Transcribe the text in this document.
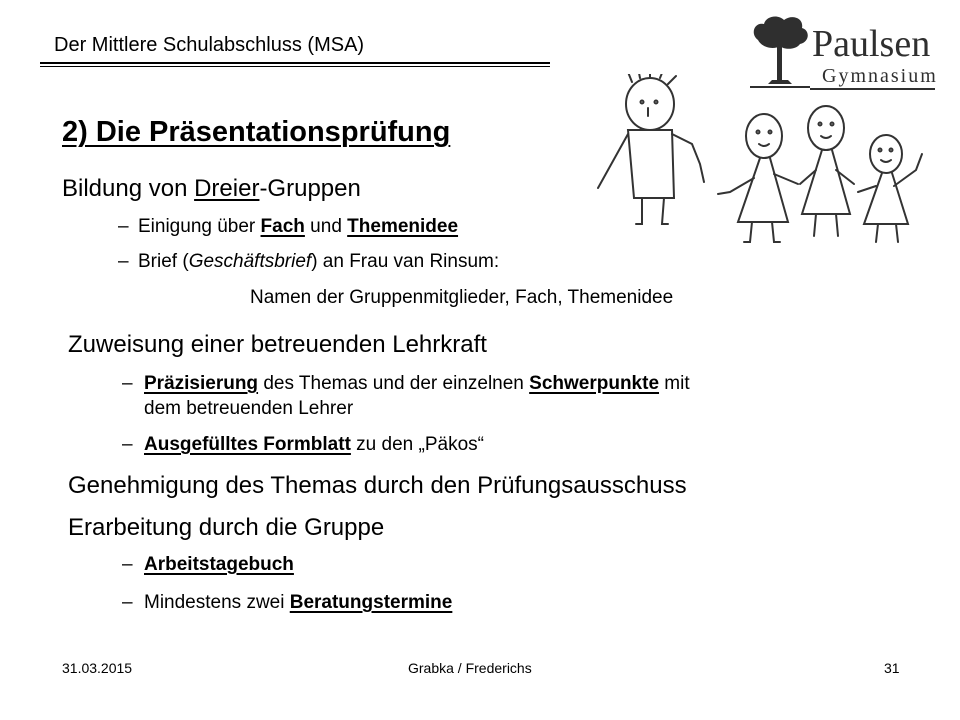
Der Mittlere Schulabschluss (MSA)	Paulsen
Gymnasium
2) Die Präsentationsprüfung
Bildung von Dreier-Gruppen
– Einigung über Fach und Themenidee
– Brief (Geschäftsbrief) an Frau van Rinsum:
Namen der Gruppenmitglieder, Fach, Themenidee
Zuweisung einer betreuenden Lehrkraft
– Präzisierung des Themas und der einzelnen Schwerpunkte mit
dem betreuenden Lehrer
– Ausgefülltes Formblatt zu den „Päkos“
Genehmigung des Themas durch den Prüfungsausschuss
Erarbeitung durch die Gruppe
– Arbeitstagebuch
– Mindestens zwei Beratungstermine
31.03.2015	Grabka / Frederichs	31
